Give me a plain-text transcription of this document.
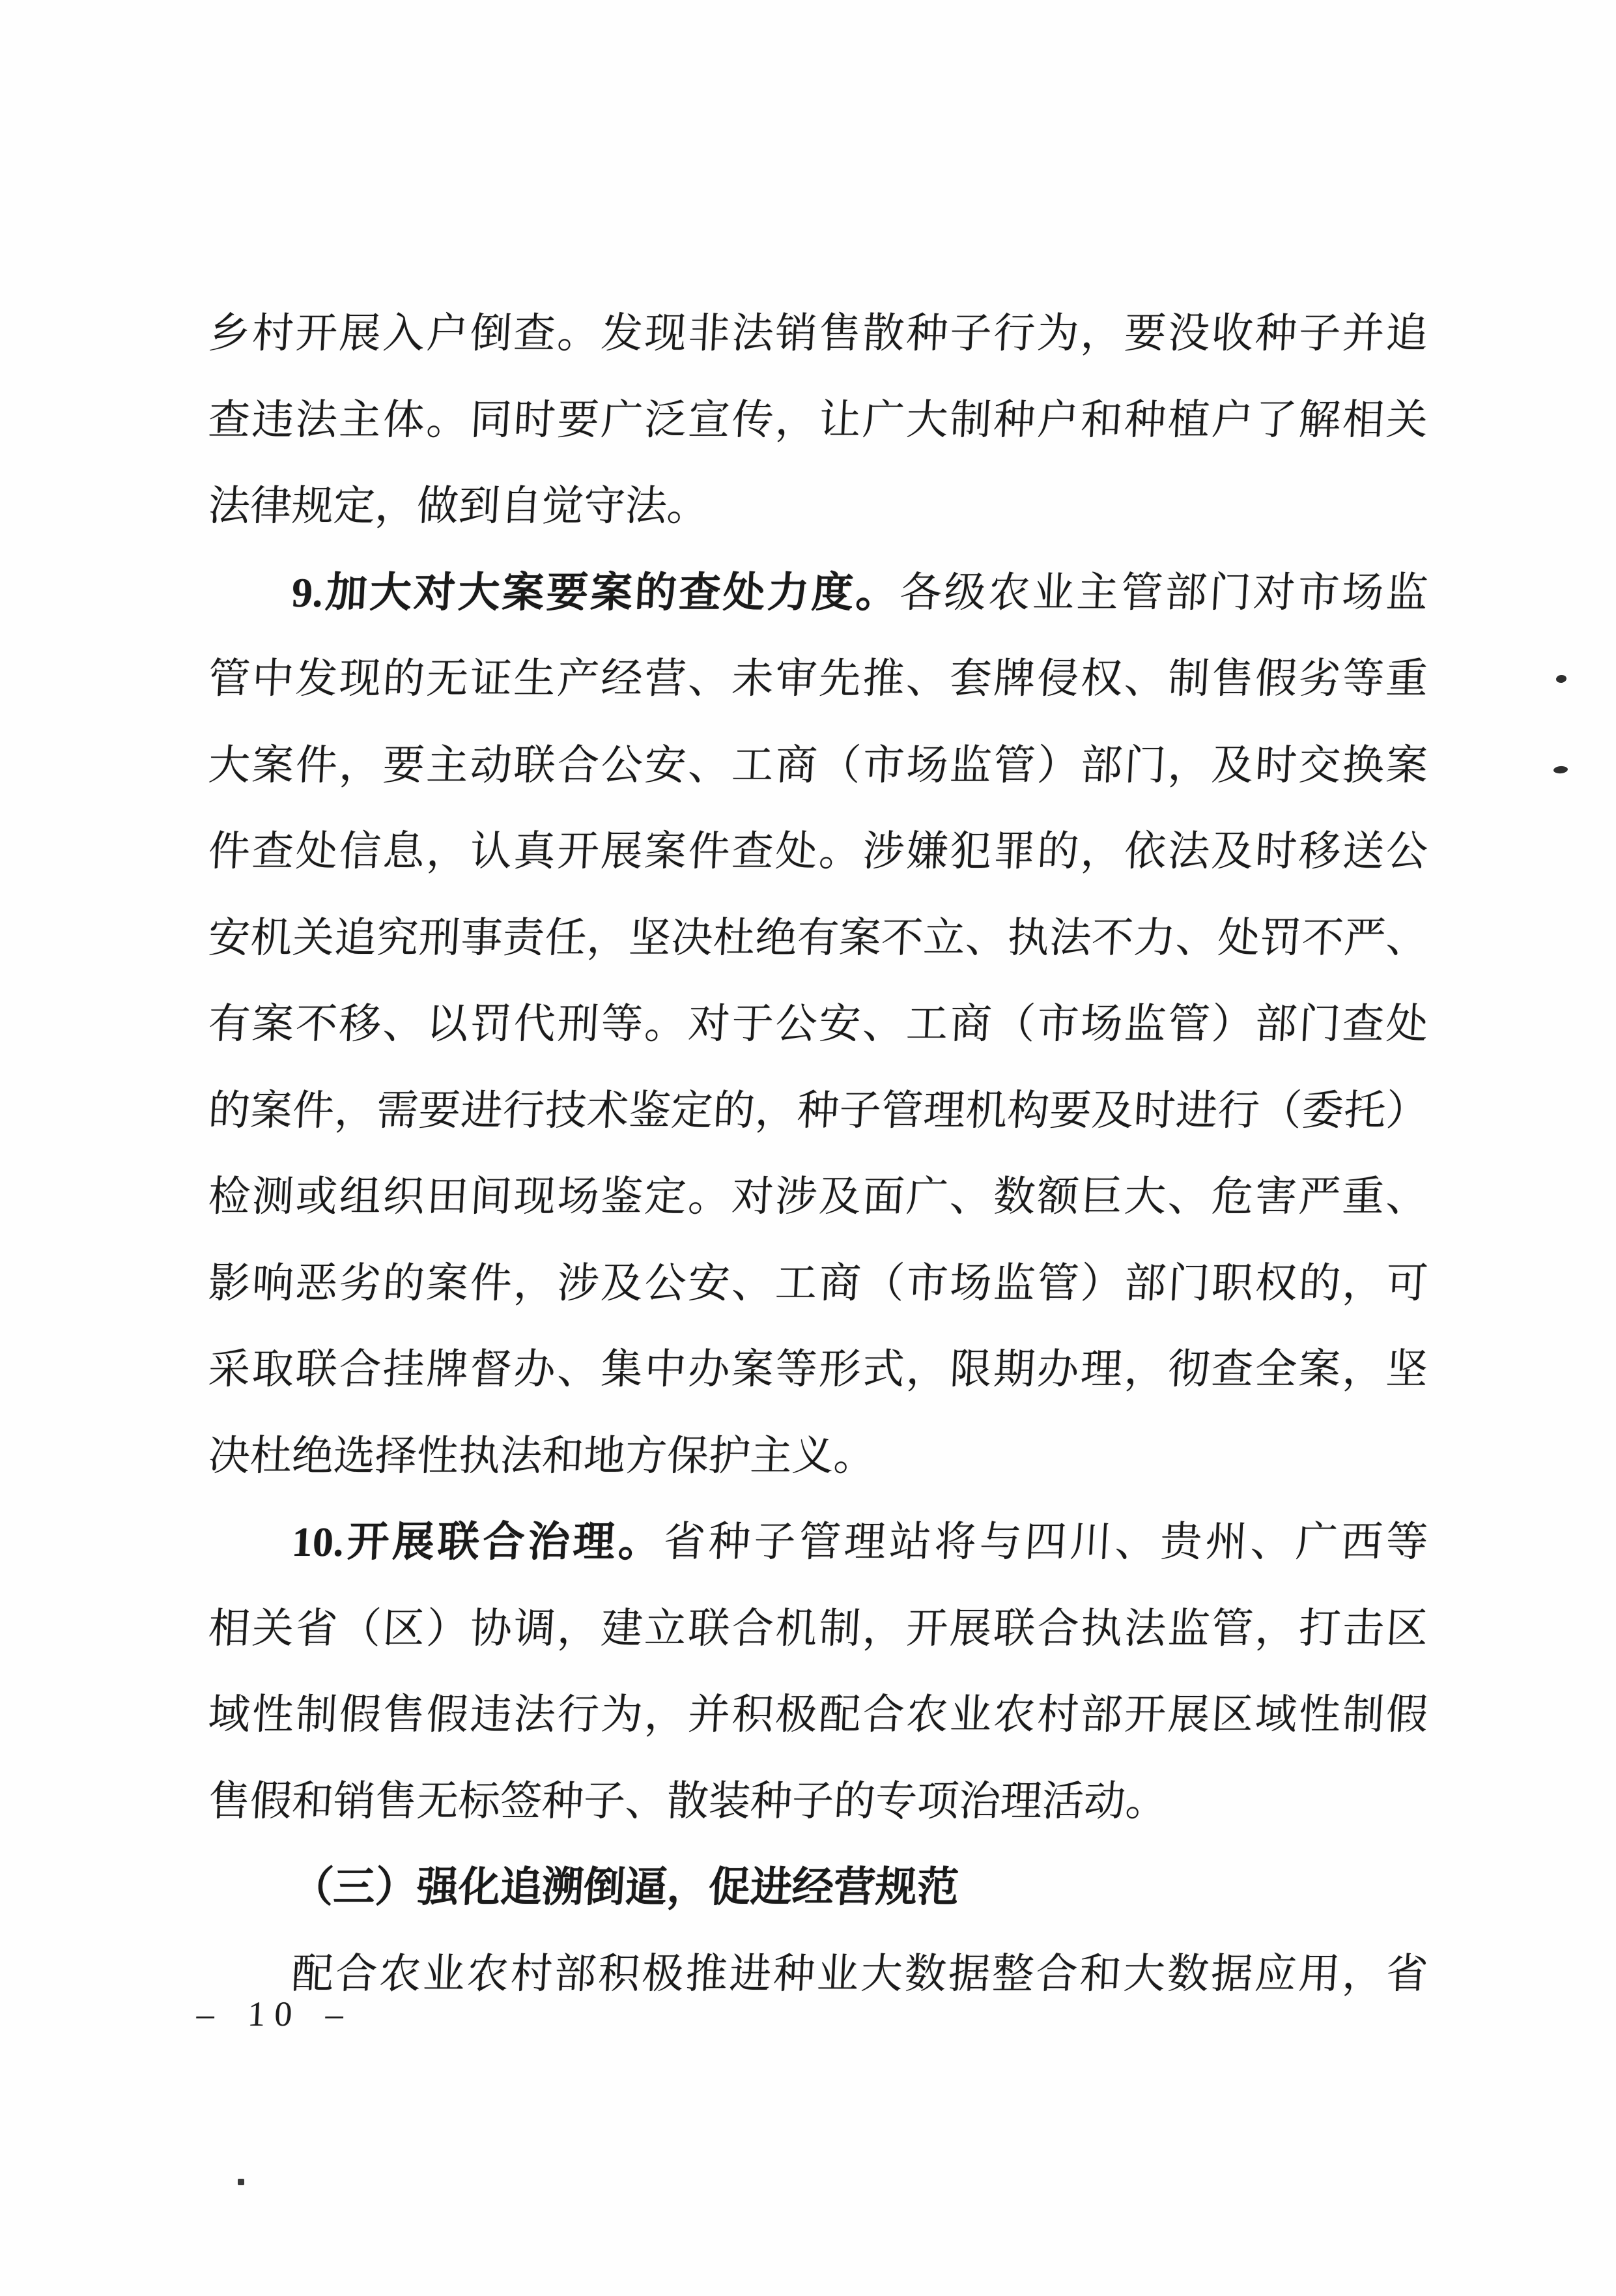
乡村开展入户倒查。发现非法销售散种子行为，要没收种子并追
查违法主体。同时要广泛宣传，让广大制种户和种植户了解相关
法律规定，做到自觉守法。
9.加大对大案要案的查处力度。各级农业主管部门对市场监
管中发现的无证生产经营、未审先推、套牌侵权、制售假劣等重
大案件，要主动联合公安、工商（市场监管）部门，及时交换案
件查处信息，认真开展案件查处。涉嫌犯罪的，依法及时移送公
安机关追究刑事责任，坚决杜绝有案不立、执法不力、处罚不严、
有案不移、以罚代刑等。对于公安、工商（市场监管）部门查处
的案件，需要进行技术鉴定的，种子管理机构要及时进行（委托）
检测或组织田间现场鉴定。对涉及面广、数额巨大、危害严重、
影响恶劣的案件，涉及公安、工商（市场监管）部门职权的，可
采取联合挂牌督办、集中办案等形式，限期办理，彻查全案，坚
决杜绝选择性执法和地方保护主义。
10.开展联合治理。省种子管理站将与四川、贵州、广西等
相关省（区）协调，建立联合机制，开展联合执法监管，打击区
域性制假售假违法行为，并积极配合农业农村部开展区域性制假
售假和销售无标签种子、散装种子的专项治理活动。
（三）强化追溯倒逼，促进经营规范
配合农业农村部积极推进种业大数据整合和大数据应用，省
– 10 –
